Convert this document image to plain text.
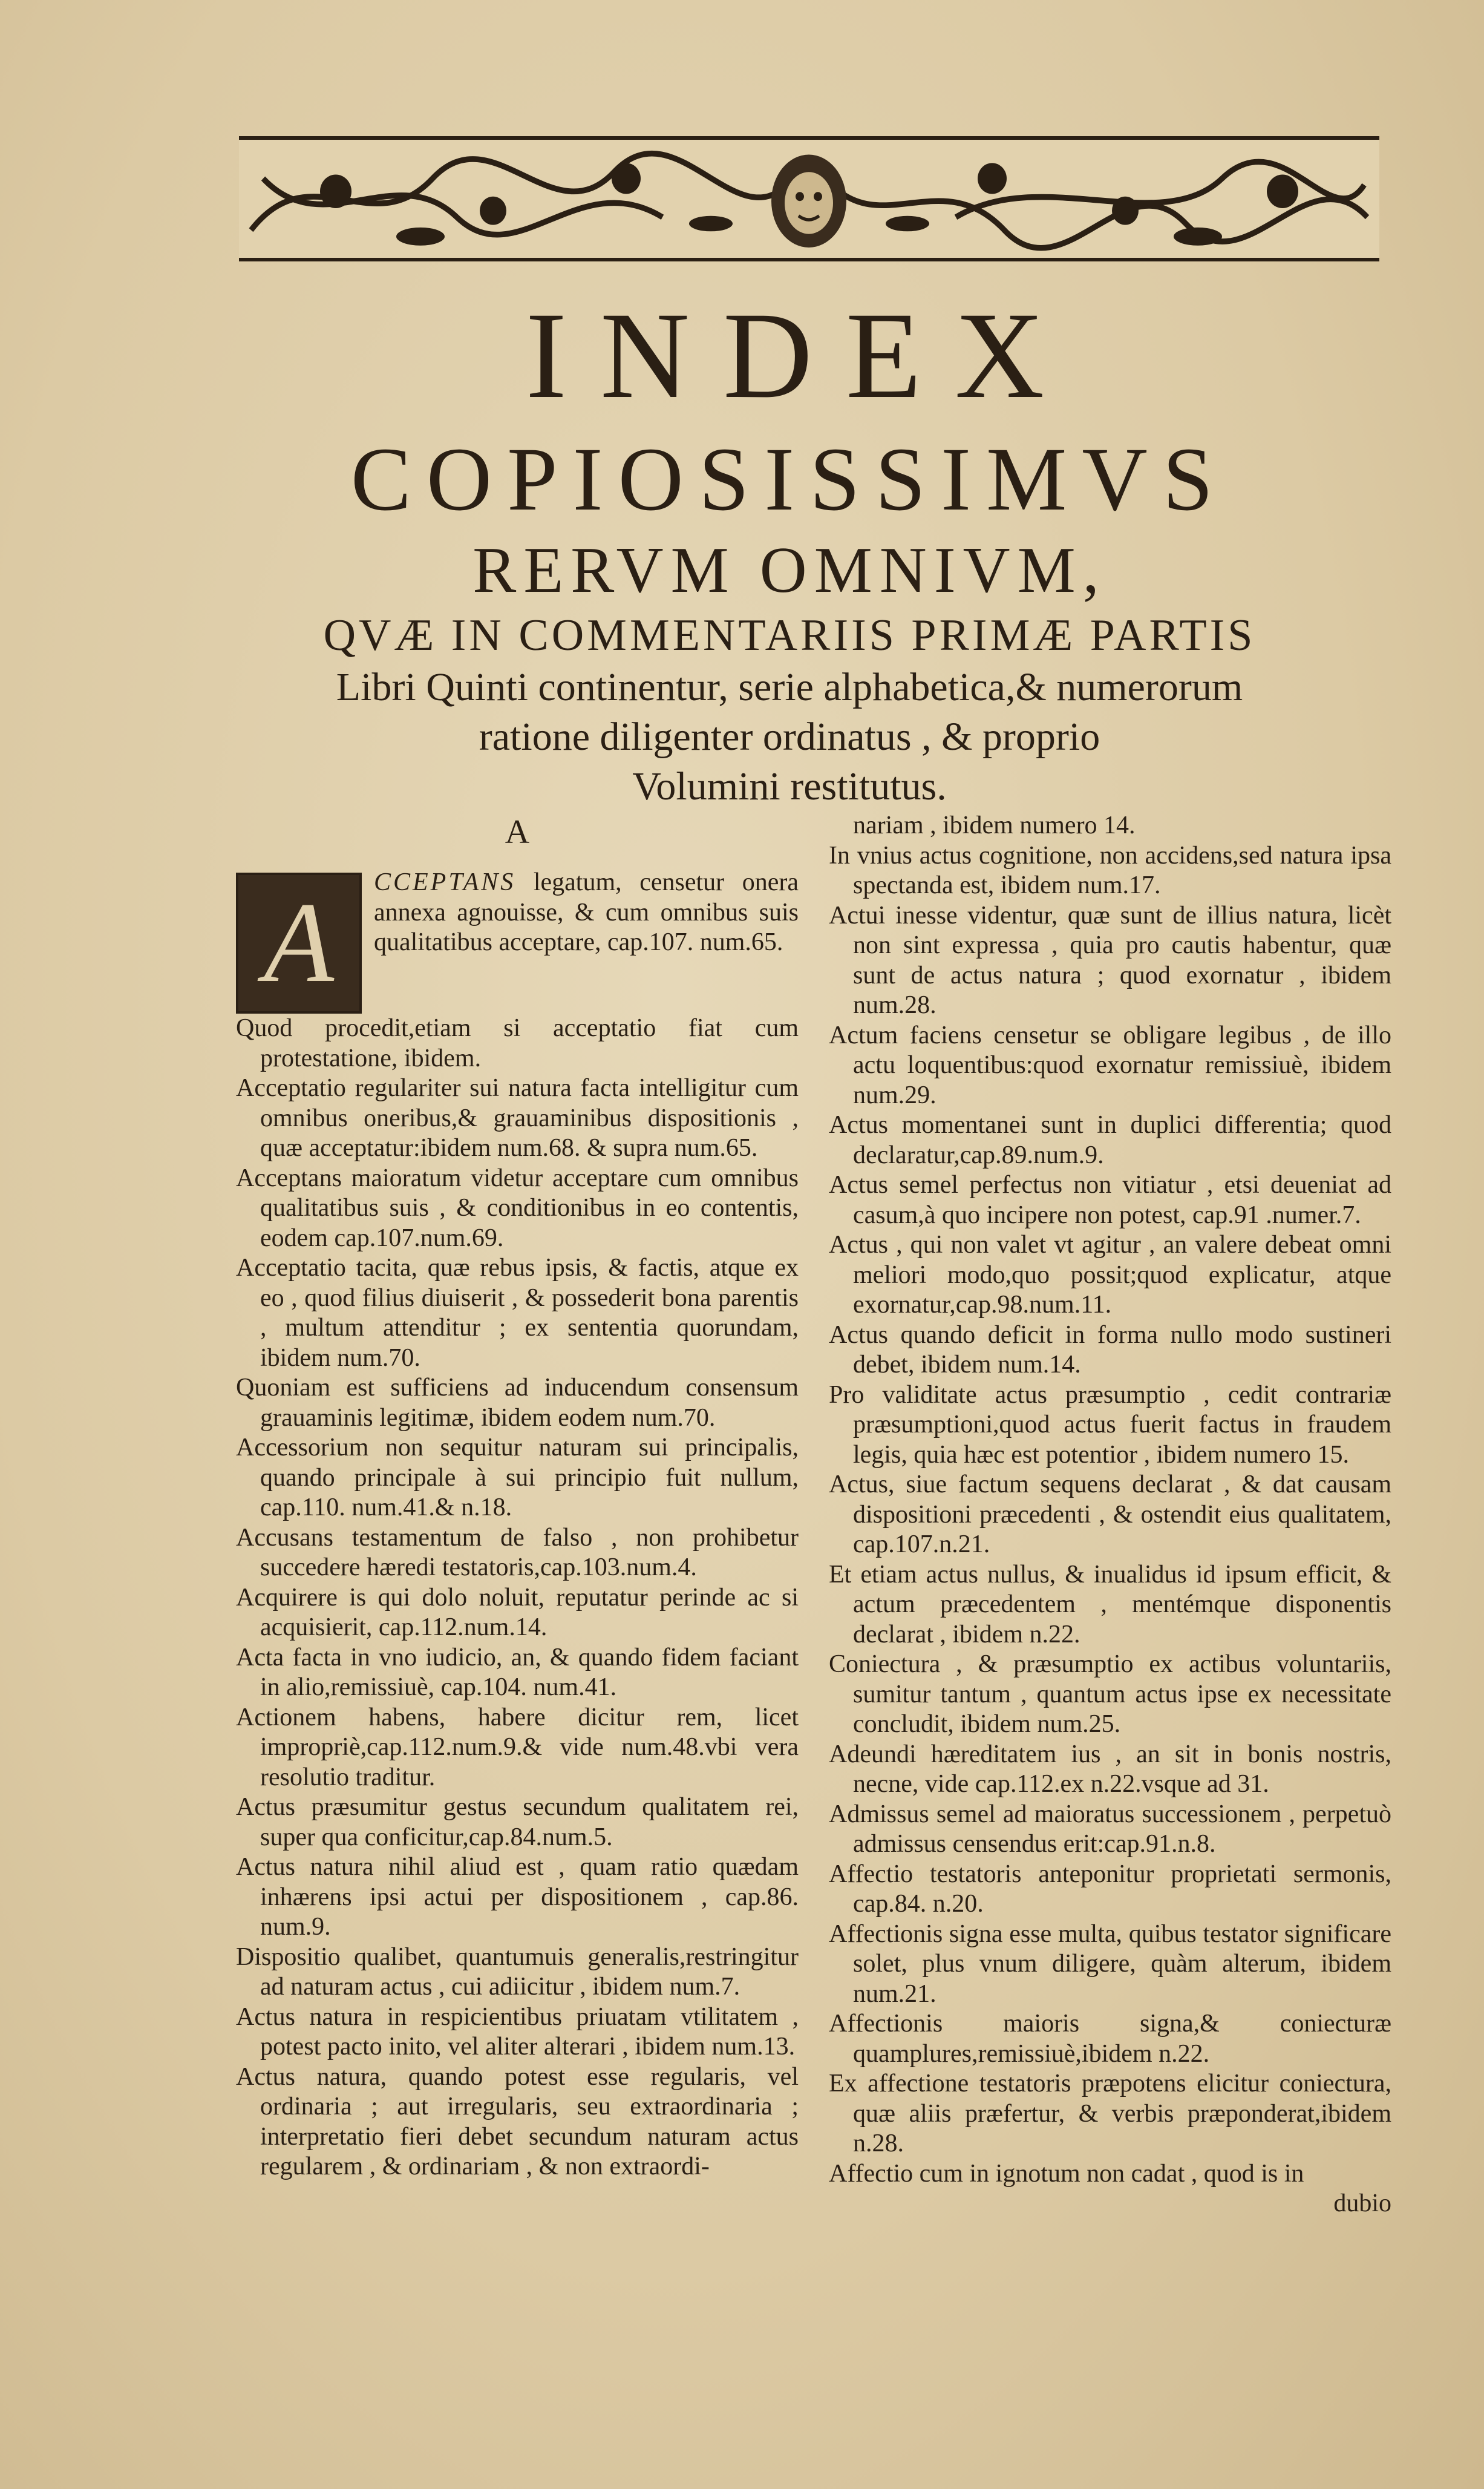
INDEX
COPIOSISSIMVS
RERVM OMNIVM,
QVÆ IN COMMENTARIIS PRIMÆ PARTIS
Libri Quinti continentur, serie alphabetica,& numerorum
ratione diligenter ordinatus , & proprio
Volumini restitutus.
A
A	CCEPTANS legatum, censetur onera annexa agnouisse, & cum omnibus suis qualitatibus acceptare, cap.107. num.65.

Quod procedit,etiam si acceptatio fiat cum protestatione, ibidem.

Acceptatio regulariter sui natura facta intelligitur cum omnibus oneribus,& grauaminibus dispositionis , quæ acceptatur:ibidem num.68. & supra num.65.

Acceptans maioratum videtur acceptare cum omnibus qualitatibus suis , & conditionibus in eo contentis, eodem cap.107.num.69.

Acceptatio tacita, quæ rebus ipsis, & factis, atque ex eo , quod filius diuiserit , & possederit bona parentis , multum attenditur ; ex sententia quorundam, ibidem num.70.

Quoniam est sufficiens ad inducendum consensum grauaminis legitimæ, ibidem eodem num.70.

Accessorium non sequitur naturam sui principalis, quando principale à sui principio fuit nullum, cap.110. num.41.& n.18.

Accusans testamentum de falso , non prohibetur succedere hæredi testatoris,cap.103.num.4.

Acquirere is qui dolo noluit, reputatur perinde ac si acquisierit, cap.112.num.14.

Acta facta in vno iudicio, an, & quando fidem faciant in alio,remissiuè, cap.104. num.41.

Actionem habens, habere dicitur rem, licet impropriè,cap.112.num.9.& vide num.48.vbi vera resolutio traditur.

Actus præsumitur gestus secundum qualitatem rei, super qua conficitur,cap.84.num.5.

Actus natura nihil aliud est , quam ratio quædam inhærens ipsi actui per dispositionem , cap.86. num.9.

Dispositio qualibet, quantumuis generalis,restringitur ad naturam actus , cui adiicitur , ibidem num.7.

Actus natura in respicientibus priuatam vtilitatem , potest pacto inito, vel aliter alterari , ibidem num.13.

Actus natura, quando potest esse regularis, vel ordinaria ; aut irregularis, seu extraordinaria ; interpretatio fieri debet secundum naturam actus regularem , & ordinariam , & non extraordi-

nariam , ibidem numero 14.

In vnius actus cognitione, non accidens,sed natura ipsa spectanda est, ibidem num.17.

Actui inesse videntur, quæ sunt de illius natura, licèt non sint expressa , quia pro cautis habentur, quæ sunt de actus natura ; quod exornatur , ibidem num.28.

Actum faciens censetur se obligare legibus , de illo actu loquentibus:quod exornatur remissiuè, ibidem num.29.

Actus momentanei sunt in duplici differentia; quod declaratur,cap.89.num.9.

Actus semel perfectus non vitiatur , etsi deueniat ad casum,à quo incipere non potest, cap.91 .numer.7.

Actus , qui non valet vt agitur , an valere debeat omni meliori modo,quo possit;quod explicatur, atque exornatur,cap.98.num.11.

Actus quando deficit in forma nullo modo sustineri debet, ibidem num.14.

Pro validitate actus præsumptio , cedit contrariæ præsumptioni,quod actus fuerit factus in fraudem legis, quia hæc est potentior , ibidem numero 15.

Actus, siue factum sequens declarat , & dat causam dispositioni præcedenti , & ostendit eius qualitatem, cap.107.n.21.

Et etiam actus nullus, & inualidus id ipsum efficit, & actum præcedentem , mentémque disponentis declarat , ibidem n.22.

Coniectura , & præsumptio ex actibus voluntariis, sumitur tantum , quantum actus ipse ex necessitate concludit, ibidem num.25.

Adeundi hæreditatem ius , an sit in bonis nostris, necne, vide cap.112.ex n.22.vsque ad 31.

Admissus semel ad maioratus successionem , perpetuò admissus censendus erit:cap.91.n.8.

Affectio testatoris anteponitur proprietati sermonis, cap.84. n.20.

Affectionis signa esse multa, quibus testator significare solet, plus vnum diligere, quàm alterum, ibidem num.21.

Affectionis maioris signa,& coniecturæ quamplures,remissiuè,ibidem n.22.

Ex affectione testatoris præpotens elicitur coniectura, quæ aliis præfertur, & verbis præponderat,ibidem n.28.

Affectio cum in ignotum non cadat , quod is in

dubio
